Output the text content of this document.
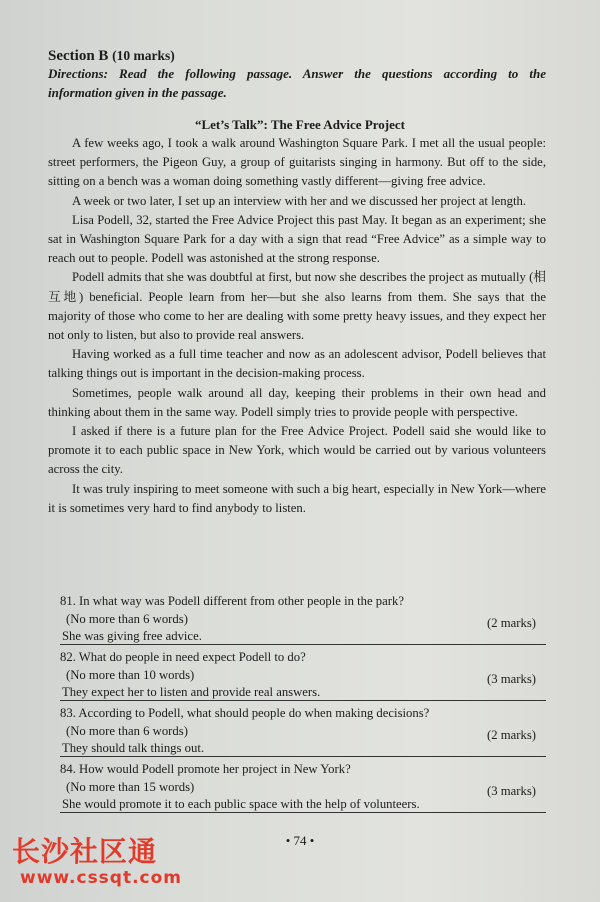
Section B (10 marks)
Directions: Read the following passage. Answer the questions according to the
information given in the passage.
“Let’s Talk”: The Free Advice Project

A few weeks ago, I took a walk around Washington Square Park. I met all the usual people: street performers, the Pigeon Guy, a group of guitarists singing in harmony. But off to the side, sitting on a bench was a woman doing something vastly different—giving free advice.

A week or two later, I set up an interview with her and we discussed her project at length.

Lisa Podell, 32, started the Free Advice Project this past May. It began as an experiment; she sat in Washington Square Park for a day with a sign that read “Free Advice” as a simple way to reach out to people. Podell was astonished at the strong response.

Podell admits that she was doubtful at first, but now she describes the project as mutually (相互地) beneficial. People learn from her—but she also learns from them. She says that the majority of those who come to her are dealing with some pretty heavy issues, and they expect her not only to listen, but also to provide real answers.

Having worked as a full time teacher and now as an adolescent advisor, Podell believes that talking things out is important in the decision-making process.

Sometimes, people walk around all day, keeping their problems in their own head and thinking about them in the same way. Podell simply tries to provide people with perspective.

I asked if there is a future plan for the Free Advice Project. Podell said she would like to promote it to each public space in New York, which would be carried out by various volunteers across the city.

It was truly inspiring to meet someone with such a big heart, especially in New York—where it is sometimes very hard to find anybody to listen.

81. In what way was Podell different from other people in the park?
(No more than 6 words)	(2 marks)
She was giving free advice.
82. What do people in need expect Podell to do?
(No more than 10 words)	(3 marks)
They expect her to listen and provide real answers.
83. According to Podell, what should people do when making decisions?
(No more than 6 words)	(2 marks)
They should talk things out.
84. How would Podell promote her project in New York?
(No more than 15 words)	(3 marks)
She would promote it to each public space with the help of volunteers.
• 74 •
长沙社区通
www.cssqt.com
